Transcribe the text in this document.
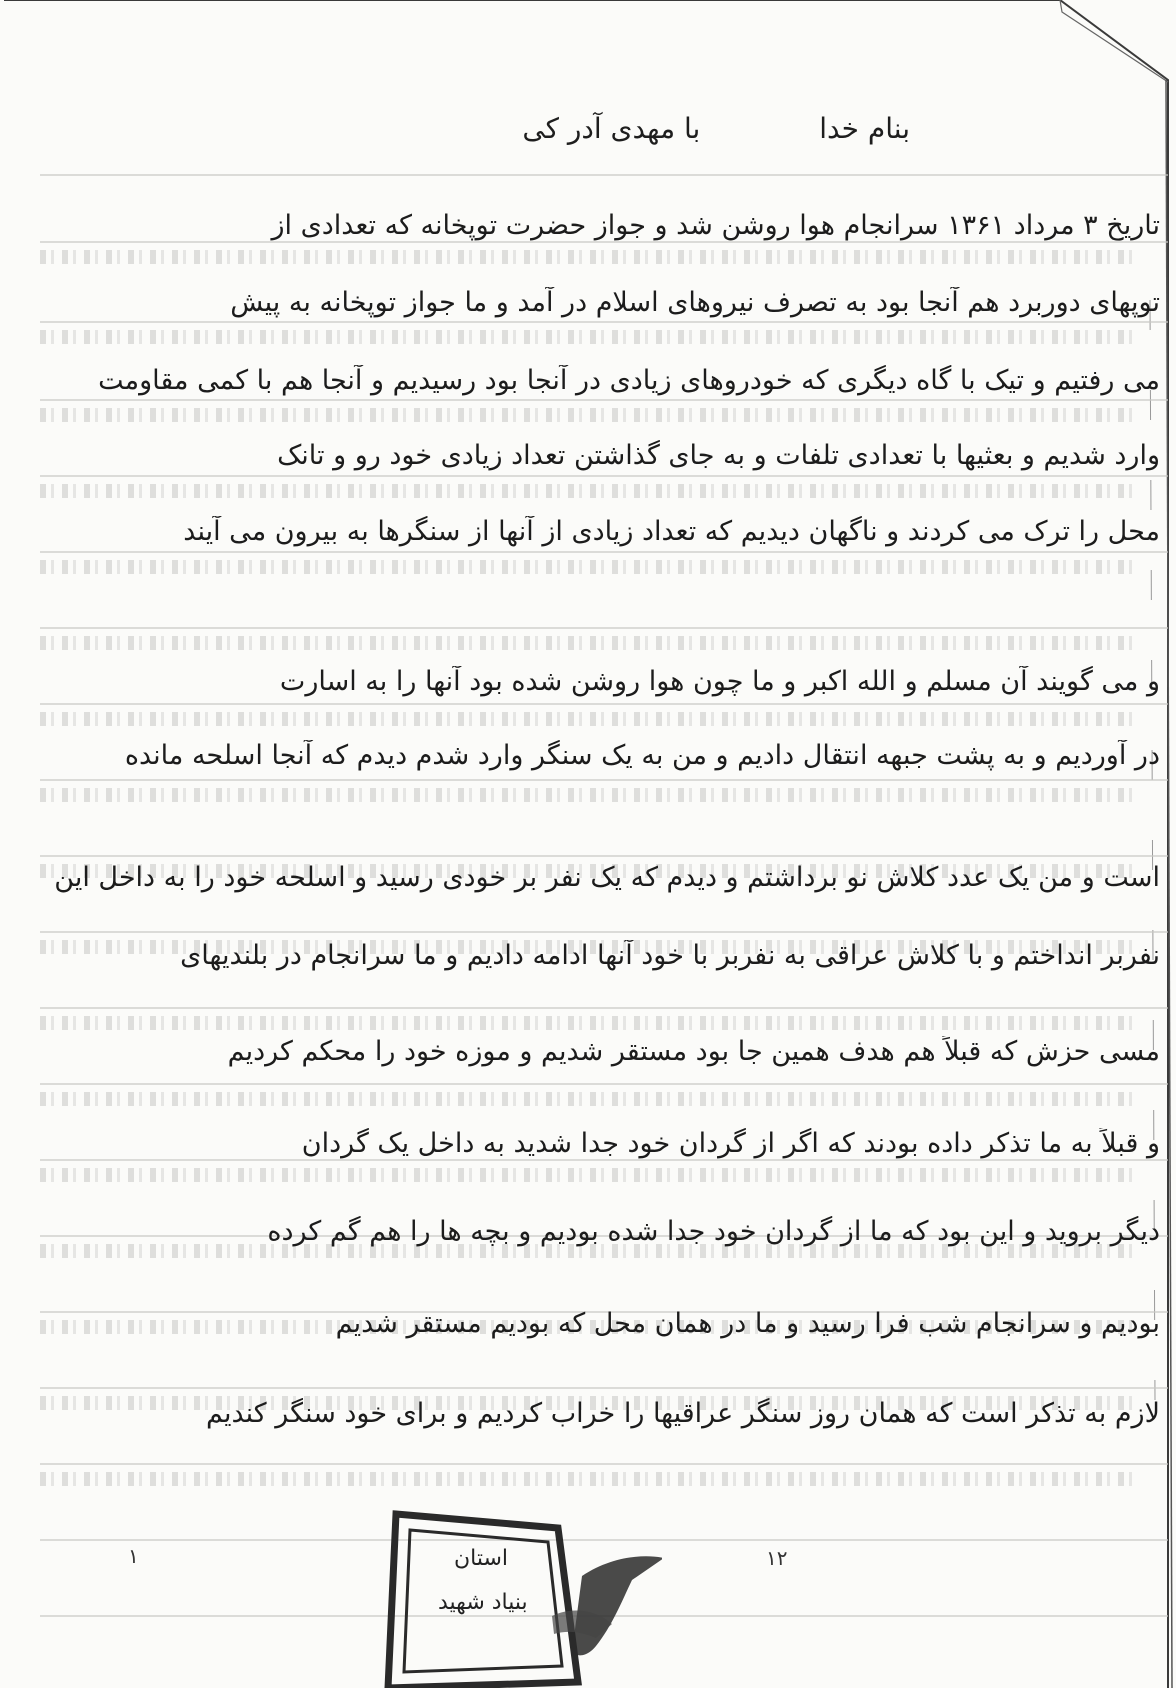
بنام خدا با مهدی آدر کی
تاریخ ۳ مرداد ۱۳۶۱ سرانجام هوا روشن شد و جواز حضرت توپخانه که تعدادی از
توپهای دوربرد هم آنجا بود به تصرف نیروهای اسلام در آمد و ما جواز توپخانه به پیش
می رفتیم و تیک با گاه دیگری که خودروهای زیادی در آنجا بود رسیدیم و آنجا هم با کمی مقاومت
وارد شدیم و بعثیها با تعدادی تلفات و به جای گذاشتن تعداد زیادی خود رو و تانک
محل را ترک می کردند و ناگهان دیدیم که تعداد زیادی از آنها از سنگرها به بیرون می آیند
و می گویند آن مسلم و الله اکبر و ما چون هوا روشن شده بود آنها را به اسارت
در آوردیم و به پشت جبهه انتقال دادیم و من به یک سنگر وارد شدم دیدم که آنجا اسلحه مانده
است و من یک عدد کلاش نو برداشتم و دیدم که یک نفر بر خودی رسید و اسلحه خود را به داخل این
نفربر انداختم و با کلاش عراقی به نفربر با خود آنها ادامه دادیم و ما سرانجام در بلندیهای
مسی حزش که قبلاً هم هدف همین جا بود مستقر شدیم و موزه خود را محکم کردیم
و قبلاً به ما تذکر داده بودند که اگر از گردان خود جدا شدید به داخل یک گردان
دیگر بروید و این بود که ما از گردان خود جدا شده بودیم و بچه ها را هم گم کرده
بودیم و سرانجام شب فرا رسید و ما در همان محل که بودیم مستقر شدیم
لازم به تذکر است که همان روز سنگر عراقیها را خراب کردیم و برای خود سنگر کندیم
۱	۱۲
استان
بنیاد شهید
